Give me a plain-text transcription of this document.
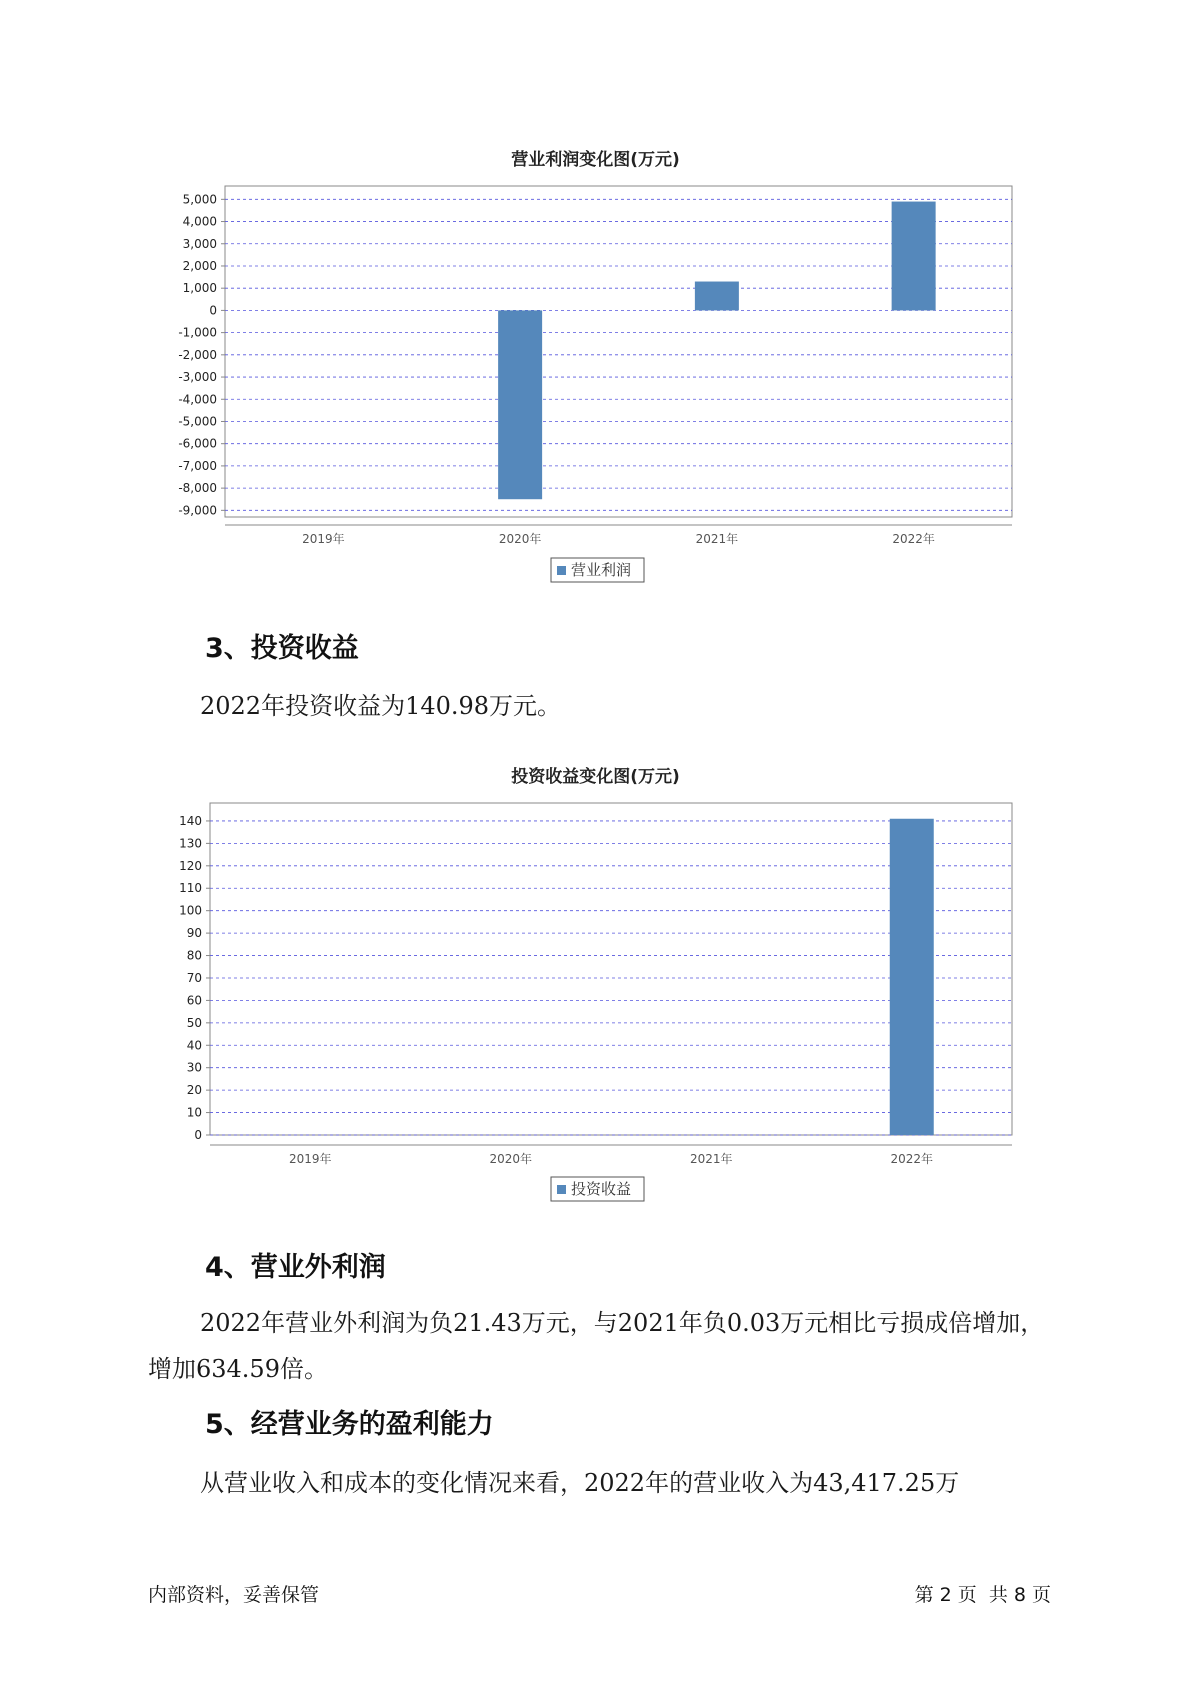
营业利润变化图(万元)
5,000
4,000
3,000
2,000
1,000
0
-1,000
-2,000
-3,000
-4,000
-5,000
-6,000
-7,000
-8,000
-9,000
2019年	2020年	2021年	2022年
营业利润
3、投资收益
2022年投资收益为140.98万元。
投资收益变化图(万元)
140
130
120
110
100
90
80
70
60
50
40
30
20
10
0
2019年	2020年	2021年	2022年
投资收益
4、营业外利润
2022年营业外利润为负21.43万元，与2021年负0.03万元相比亏损成倍增加，增加634.59倍。
5、经营业务的盈利能力
从营业收入和成本的变化情况来看，2022年的营业收入为43,417.25万
内部资料，妥善保管	第 2 页  共 8 页
